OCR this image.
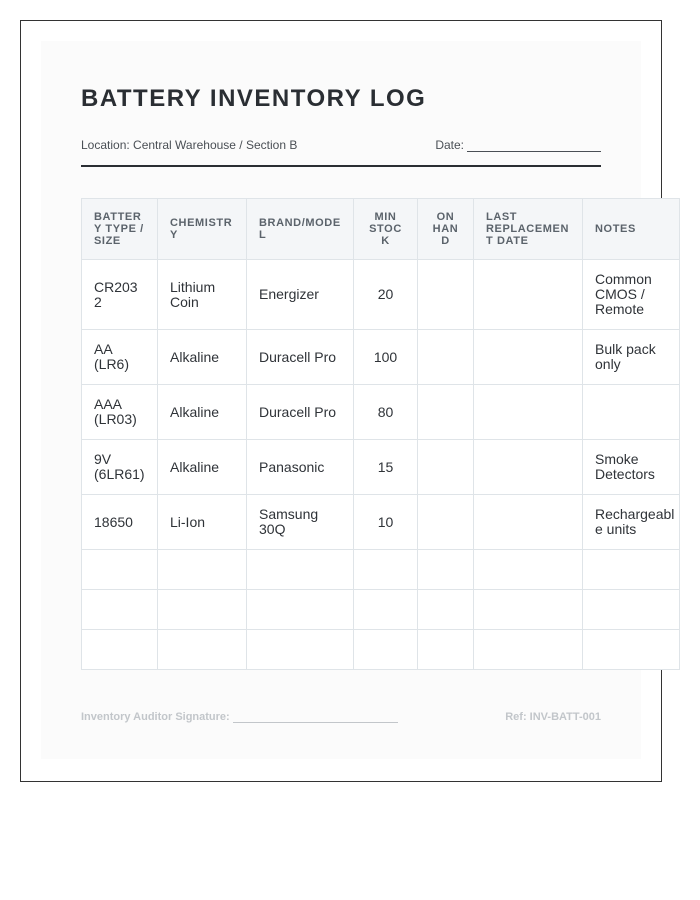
BATTERY INVENTORY LOG
Location: Central Warehouse / Section B	Date:
BATTERY TYPE / SIZE	CHEMISTRY	BRAND/MODEL	MIN STOCK	ON HAND	LAST REPLACEMENT DATE	NOTES
CR2032	Lithium Coin	Energizer	20			Common CMOS / Remote
AA (LR6)	Alkaline	Duracell Pro	100			Bulk pack only
AAA (LR03)	Alkaline	Duracell Pro	80			
9V (6LR61)	Alkaline	Panasonic	15			Smoke Detectors
18650	Li-Ion	Samsung 30Q	10			Rechargeable units

Inventory Auditor Signature:	Ref: INV-BATT-001
